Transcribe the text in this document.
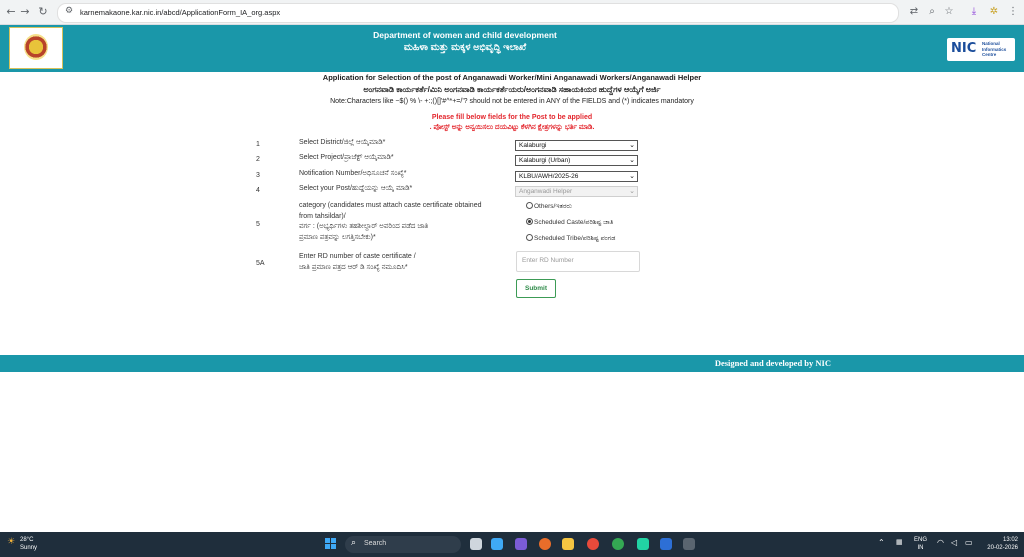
← → ↻	⚙ karnemakaone.kar.nic.in/abcd/ApplicationForm_IA_org.aspx	⇄	⌕ ☆	⤓	✲ ⋮
Department of women and child development
ಮಹಿಳಾ ಮತ್ತು ಮಕ್ಕಳ ಅಭಿವೃದ್ಧಿ ಇಲಾಖೆ	NIC National Informatics Centre
Application for Selection of the post of Anganawadi Worker/Mini Anganawadi Workers/Anganawadi Helper
ಅಂಗನವಾಡಿ ಕಾರ್ಯಕರ್ತೆ/ಮಿನಿ ಅಂಗನವಾಡಿ ಕಾರ್ಯಕರ್ತೆಯರು/ಅಂಗನವಾಡಿ ಸಹಾಯಕಿಯರ ಹುದ್ದೆಗಳ ಆಯ್ಕೆಗೆ ಅರ್ಜಿ
Note:Characters like ~$() % \- +:;()[]'#^*+=/'? should not be entered in ANY of the FIELDS and (*) indicates mandatory
Please fill below fields for the Post to be applied
. ಪೋಸ್ಟ್ ಅನ್ನು ಅನ್ವಯಿಸಲು ದಯವಿಟ್ಟು ಕೆಳಗಿನ ಕ್ಷೇತ್ರಗಳನ್ನು ಭರ್ತಿ ಮಾಡಿ.
1	Select District/ಜಿಲ್ಲೆ ಆಯ್ಕೆಮಾಡಿ*	Kalaburgi	⌄
2	Select Project/ಪ್ರಾಜೆಕ್ಟ್ ಆಯ್ಕೆಮಾಡಿ*	Kalaburgi (Urban)	⌄
3	Notification Number/ಅಧಿಸೂಚನೆ ಸಂಖ್ಯೆ*	KLBU/AWH/2025-26	⌄
4	Select your Post/ಹುದ್ದೆಯನ್ನು ಆಯ್ಕೆ ಮಾಡಿ*	Anganwadi Helper	⌄
5
category (candidates must attach caste certificate obtained
from tahsildar)/
ವರ್ಗ : (ಅಭ್ಯರ್ಥಿಗಳು ತಹಶೀಲ್ದಾರ್ ಅವರಿಂದ ಪಡೆದ ಜಾತಿ
ಪ್ರಮಾಣ ಪತ್ರವನ್ನು ಲಗತ್ತಿಸಬೇಕು)*
Others/ಇತರರು
Scheduled Caste/ಪರಿಶಿಷ್ಟ ಜಾತಿ
Scheduled Tribe/ಪರಿಶಿಷ್ಟ ಪಂಗಡ
5A
Enter RD number of caste certificate /
ಜಾತಿ ಪ್ರಮಾಣ ಪತ್ರದ ಆರ್ ಡಿ ಸಂಖ್ಯೆ ನಮೂದಿಸಿ*
Enter RD Number
Submit
Designed and developed by NIC
☀ 28°C
Sunny	⌕ Search	⌃ ▦ ENG
IN
◠ ◁ ▭	13:02
20-02-2026
